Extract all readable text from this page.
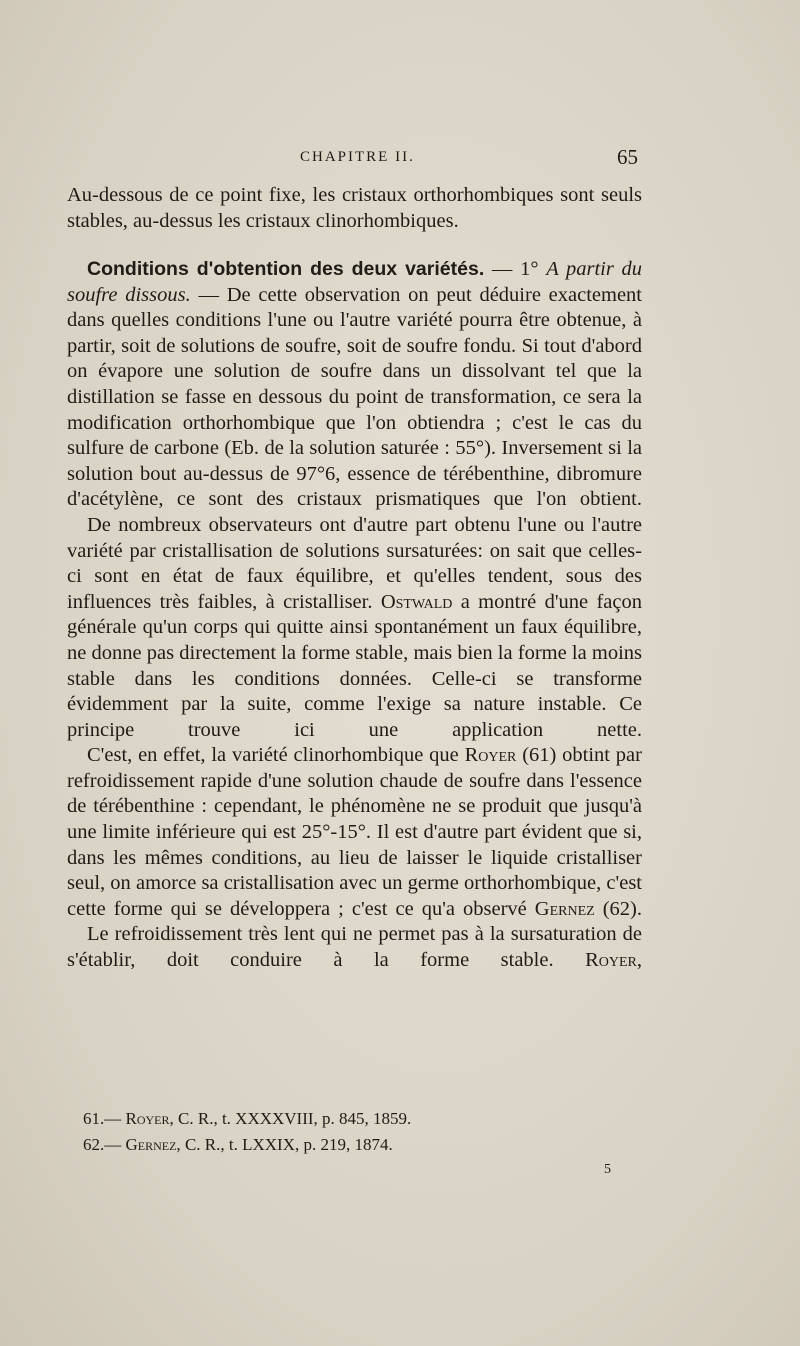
CHAPITRE II.	65

Au-dessous de ce point fixe, les cristaux orthorhombiques sont seuls stables, au-dessus les cristaux clinorhombiques.

Conditions d'obtention des deux variétés. — 1° A partir du soufre dissous. — De cette observation on peut déduire exactement dans quelles conditions l'une ou l'autre variété pourra être obtenue, à partir, soit de solutions de soufre, soit de soufre fondu. Si tout d'abord on évapore une solution de soufre dans un dissolvant tel que la distillation se fasse en dessous du point de transformation, ce sera la modification orthorhombique que l'on obtiendra ; c'est le cas du sulfure de carbone (Eb. de la solution saturée : 55°). Inversement si la solution bout au-dessus de 97°6, essence de térébenthine, dibromure d'acétylène, ce sont des cristaux prismatiques que l'on obtient.

De nombreux observateurs ont d'autre part obtenu l'une ou l'autre variété par cristallisation de solutions sursaturées: on sait que celles-ci sont en état de faux équilibre, et qu'elles tendent, sous des influences très faibles, à cristalliser. Ostwald a montré d'une façon générale qu'un corps qui quitte ainsi spontanément un faux équilibre, ne donne pas directement la forme stable, mais bien la forme la moins stable dans les conditions données. Celle-ci se transforme évidemment par la suite, comme l'exige sa nature instable. Ce principe trouve ici une application nette.

C'est, en effet, la variété clinorhombique que Royer (61) obtint par refroidissement rapide d'une solution chaude de soufre dans l'essence de térébenthine : cependant, le phénomène ne se produit que jusqu'à une limite inférieure qui est 25°-15°. Il est d'autre part évident que si, dans les mêmes conditions, au lieu de laisser le liquide cristalliser seul, on amorce sa cristallisation avec un germe orthorhombique, c'est cette forme qui se développera ; c'est ce qu'a observé Gernez (62).

Le refroidissement très lent qui ne permet pas à la sursaturation de s'établir, doit conduire à la forme stable. Royer,

61.— Royer, C. R., t. XXXXVIII, p. 845, 1859.
62.— Gernez, C. R., t. LXXIX, p. 219, 1874.
5
